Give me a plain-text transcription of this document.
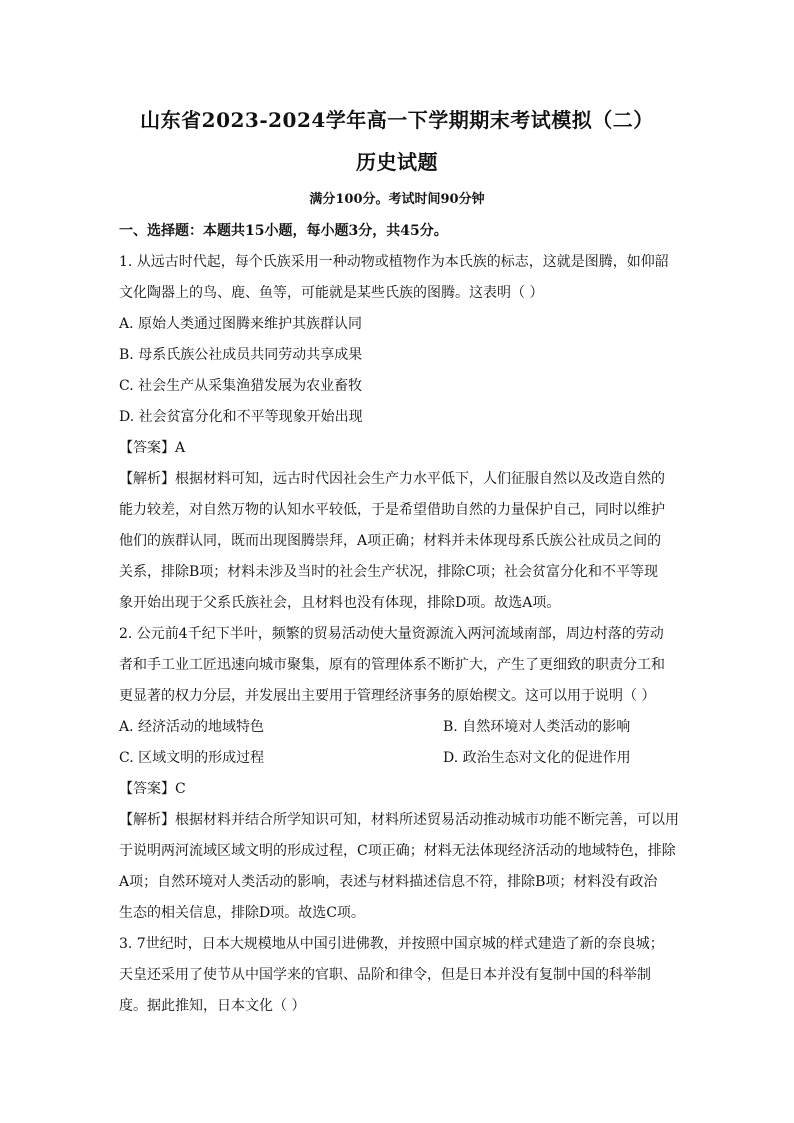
山东省2023-2024学年高一下学期期末考试模拟（二）
历史试题
满分100分。考试时间90分钟
一、选择题：本题共15小题，每小题3分，共45分。
1. 从远古时代起，每个氏族采用一种动物或植物作为本氏族的标志，这就是图腾，如仰韶
文化陶器上的鸟、鹿、鱼等，可能就是某些氏族的图腾。这表明（ ）
A. 原始人类通过图腾来维护其族群认同
B. 母系氏族公社成员共同劳动共享成果
C. 社会生产从采集渔猎发展为农业畜牧
D. 社会贫富分化和不平等现象开始出现
【答案】A
【解析】根据材料可知，远古时代因社会生产力水平低下，人们征服自然以及改造自然的
能力较差，对自然万物的认知水平较低，于是希望借助自然的力量保护自己，同时以维护
他们的族群认同，既而出现图腾崇拜，A项正确；材料并未体现母系氏族公社成员之间的
关系，排除B项；材料未涉及当时的社会生产状况，排除C项；社会贫富分化和不平等现
象开始出现于父系氏族社会，且材料也没有体现，排除D项。故选A项。
2. 公元前4千纪下半叶，频繁的贸易活动使大量资源流入两河流域南部，周边村落的劳动
者和手工业工匠迅速向城市聚集，原有的管理体系不断扩大，产生了更细致的职责分工和
更显著的权力分层，并发展出主要用于管理经济事务的原始楔文。这可以用于说明（ ）
A. 经济活动的地域特色	B. 自然环境对人类活动的影响
C. 区域文明的形成过程	D. 政治生态对文化的促进作用
【答案】C
【解析】根据材料并结合所学知识可知，材料所述贸易活动推动城市功能不断完善，可以用
于说明两河流域区域文明的形成过程，C项正确；材料无法体现经济活动的地域特色，排除
A项；自然环境对人类活动的影响，表述与材料描述信息不符，排除B项；材料没有政治
生态的相关信息，排除D项。故选C项。
3. 7世纪时，日本大规模地从中国引进佛教，并按照中国京城的样式建造了新的奈良城；
天皇还采用了使节从中国学来的官职、品阶和律令，但是日本并没有复制中国的科举制
度。据此推知，日本文化（ ）
